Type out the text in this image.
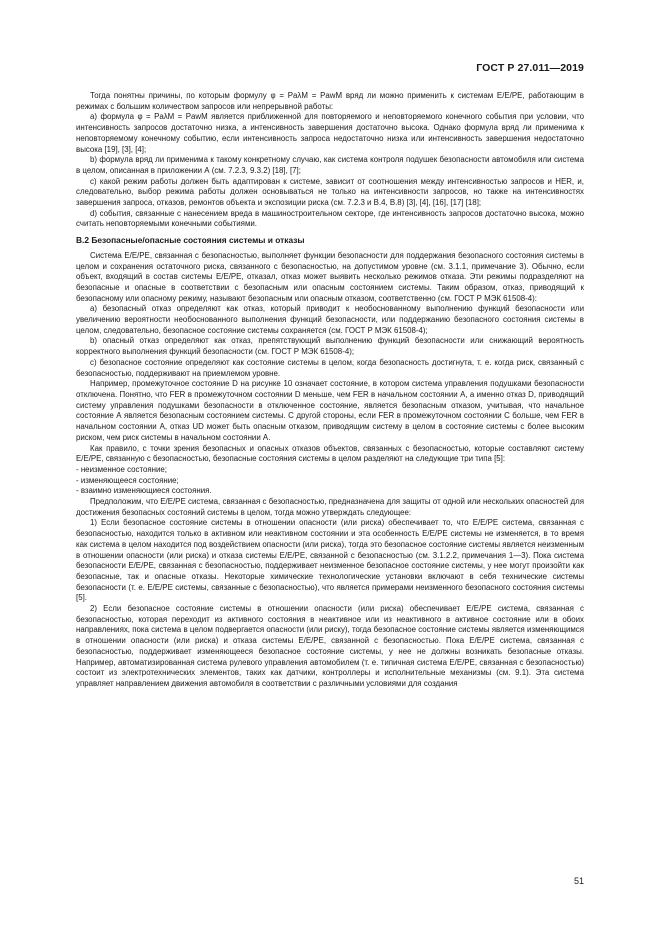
ГОСТ Р 27.011—2019

Тогда понятны причины, по которым формулу φ = PaλM = PawM вряд ли можно применить к системам E/E/PE, работающим в режимах с большим количеством запросов или непрерывной работы:

а) формула φ = PaλM = PawM является приближенной для повторяемого и неповторяемого конечного события при условии, что интенсивность запросов достаточно низка, а интенсивность завершения достаточно высока. Однако формула вряд ли применима к неповторяемому конечному событию, если интенсивность запроса недостаточно низка или интенсивность завершения недостаточно высока [19], [3], [4];

b) формула вряд ли применима к такому конкретному случаю, как система контроля подушек безопасности автомобиля или система в целом, описанная в приложении А (см. 7.2.3, 9.3.2) [18], [7];

c) какой режим работы должен быть адаптирован к системе, зависит от соотношения между интенсивностью запросов и HER, и, следовательно, выбор режима работы должен основываться не только на интенсивности запросов, но также на интенсивностях завершения запроса, отказов, ремонтов объекта и экспозиции риска (см. 7.2.3 и В.4, В.8) [3], [4], [16], [17] [18];

d) события, связанные с нанесением вреда в машиностроительном секторе, где интенсивность запросов достаточно высока, можно считать неповторяемыми конечными событиями.

В.2 Безопасные/опасные состояния системы и отказы

Система E/E/PE, связанная с безопасностью, выполняет функции безопасности для поддержания безопасного состояния системы в целом и сохранения остаточного риска, связанного с безопасностью, на допустимом уровне (см. 3.1.1, примечание 3). Обычно, если объект, входящий в состав системы E/E/PE, отказал, отказ может выявить несколько режимов отказа. Эти режимы подразделяют на безопасные и опасные в соответствии с безопасным или опасным состоянием системы. Таким образом, отказ, приводящий к безопасному или опасному режиму, называют безопасным или опасным отказом, соответственно (см. ГОСТ Р МЭК 61508-4):

а) безопасный отказ определяют как отказ, который приводит к необоснованному выполнению функций безопасности или увеличению вероятности необоснованного выполнения функций безопасности, или поддержанию безопасного состояния системы в целом, следовательно, безопасное состояние системы сохраняется (см. ГОСТ Р МЭК 61508-4);

b) опасный отказ определяют как отказ, препятствующий выполнению функций безопасности или снижающий вероятность корректного выполнения функций безопасности (см. ГОСТ Р МЭК 61508-4);

c) безопасное состояние определяют как состояние системы в целом, когда безопасность достигнута, т. е. когда риск, связанный с безопасностью, поддерживают на приемлемом уровне.

Например, промежуточное состояние D на рисунке 10 означает состояние, в котором система управления подушками безопасности отключена. Понятно, что FER в промежуточном состоянии D меньше, чем FER в начальном состоянии А, а именно отказ D, приводящий систему управления подушками безопасности в отключенное состояние, является безопасным отказом, учитывая, что начальное состояние А является безопасным состоянием системы. С другой стороны, если FER в промежуточном состоянии С больше, чем FER в начальном состоянии А, отказ UD может быть опасным отказом, приводящим систему в целом в состояние системы с более высоким риском, чем риск системы в начальном состоянии А.

Как правило, с точки зрения безопасных и опасных отказов объектов, связанных с безопасностью, которые составляют систему E/E/PE, связанную с безопасностью, безопасные состояния системы в целом разделяют на следующие три типа [5]:

- неизменное состояние;

- изменяющееся состояние;

- взаимно изменяющиеся состояния.

Предположим, что E/E/PE система, связанная с безопасностью, предназначена для защиты от одной или нескольких опасностей для достижения безопасных состояний системы в целом, тогда можно утверждать следующее:

1) Если безопасное состояние системы в отношении опасности (или риска) обеспечивает то, что E/E/PE система, связанная с безопасностью, находится только в активном или неактивном состоянии и эта особенность E/E/PE системы не изменяется, в то время как система в целом находится под воздействием опасности (или риска), тогда это безопасное состояние системы является неизменным в отношении опасности (или риска) и отказа системы E/E/PE, связанной с безопасностью (см. 3.1.2.2, примечания 1—3). Пока система безопасности E/E/PE, связанная с безопасностью, поддерживает неизменное безопасное состояние системы, у нее могут произойти как безопасные, так и опасные отказы. Некоторые химические технологические установки включают в себя технические системы безопасности (т. е. E/E/PE системы, связанные с безопасностью), что является примерами неизменного безопасного состояния системы [5].

2) Если безопасное состояние системы в отношении опасности (или риска) обеспечивает E/E/PE система, связанная с безопасностью, которая переходит из активного состояния в неактивное или из неактивного в активное состояние или в обоих направлениях, пока система в целом подвергается опасности (или риску), тогда безопасное состояние системы является изменяющимся в отношении опасности (или риска) и отказа системы E/E/PE, связанной с безопасностью. Пока E/E/PE система, связанная с безопасностью, поддерживает изменяющееся безопасное состояние системы, у нее не должны возникать безопасные отказы. Например, автоматизированная система рулевого управления автомобилем (т. е. типичная система E/E/PE, связанная с безопасностью) состоит из электротехнических элементов, таких как датчики, контроллеры и исполнительные механизмы (см. 9.1). Эта система управляет направлением движения автомобиля в соответствии с различными условиями для создания

51
